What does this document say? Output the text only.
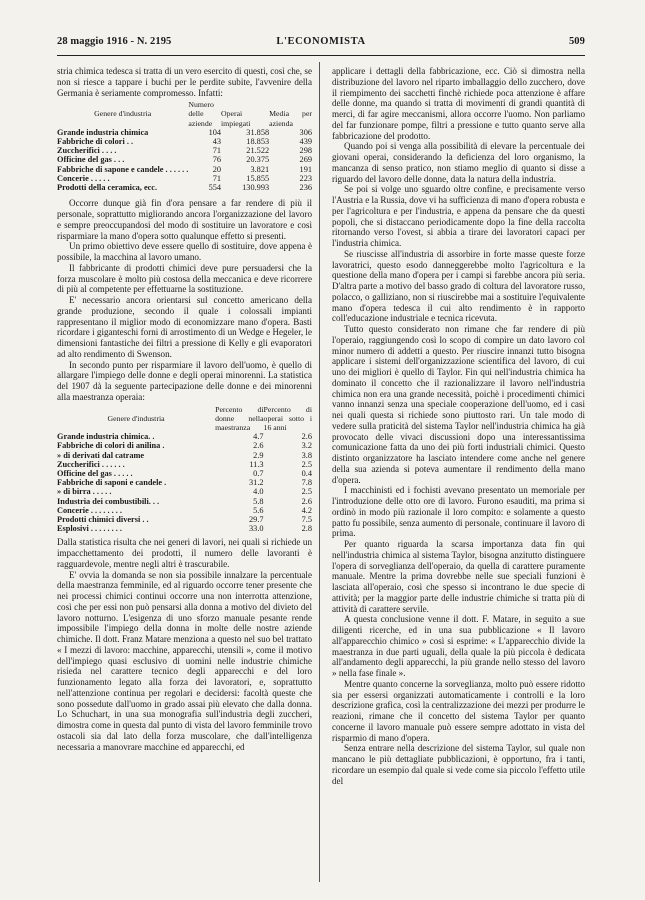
28 maggio 1916 - N. 2195	L'ECONOMISTA	509

stria chimica tedesca si tratta di un vero esercito di questi, così che, se non si riesce a tappare i buchi per le perdite subite, l'avvenire della Germania è seriamente compromesso. Infatti:

Genere d'industria	Numero delle aziende	Operai impiegati	Media per azienda
Grande industria chimica	104	31.858	306
Fabbriche di colori . .	43	18.853	439
Zuccherifici . . . .	71	21.522	298
Officine del gas . . .	76	20.375	269
Fabbriche di sapone e candele . . . . . .	20	3.821	191
Concerie . . . . .	71	15.855	223
Prodotti della ceramica, ecc.	554	130.993	236

Occorre dunque già fin d'ora pensare a far rendere di più il personale, soprattutto migliorando ancora l'organizzazione del lavoro e sempre preoccupandosi del modo di sostituire un lavoratore e così risparmiare la mano d'opera sotto qualunque effetto si presenti.

Un primo obiettivo deve essere quello di sostituire, dove appena è possibile, la macchina al lavoro umano.

Il fabbricante di prodotti chimici deve pure persuadersi che la forza muscolare è molto più costosa della meccanica e deve ricorrere di più al competente per effettuarne la sostituzione.

E' necessario ancora orientarsi sul concetto americano della grande produzione, secondo il quale i colossali impianti rappresentano il miglior modo di economizzare mano d'opera. Basti ricordare i giganteschi forni di arrostimento di un Wedge e Hegeler, le dimensioni fantastiche dei filtri a pressione di Kelly e gli evaporatori ad alto rendimento di Swenson.

In secondo punto per risparmiare il lavoro dell'uomo, è quello di allargare l'impiego delle donne e degli operai minorenni. La statistica del 1907 dà la seguente partecipazione delle donne e dei minorenni alla maestranza operaia:

Genere d'industria	Percento di donne nella maestranza	Percento di operai sotto i 16 anni
Grande industria chimica. .	4.7	2.6
Fabbriche di colori di anilina .	2.6	3.2
» di derivati dal catrame	2.9	3.8
Zuccherifici . . . . . .	11.3	2.5
Officine del gas . . . . .	0.7	0.4
Fabbriche di saponi e candele .	31.2	7.8
» di birra . . . . .	4.0	2.5
Industria dei combustibili. . .	5.8	2.6
Concerie . . . . . . . .	5.6	4.2
Prodotti chimici diversi . .	29.7	7.5
Esplosivi . . . . . . . .	33.0	2.8

Dalla statistica risulta che nei generi di lavori, nei quali si richiede un impacchettamento dei prodotti, il numero delle lavoranti è ragguardevole, mentre negli altri è trascurabile.

E' ovvia la domanda se non sia possibile innalzare la percentuale della maestranza femminile, ed al riguardo occorre tener presente che nei processi chimici continui occorre una non interrotta attenzione, così che per essi non può pensarsi alla donna a motivo del divieto del lavoro notturno. L'esigenza di uno sforzo manuale pesante rende impossibile l'impiego della donna in molte delle nostre aziende chimiche. Il dott. Franz Matare menziona a questo nel suo bel trattato « I mezzi di lavoro: macchine, apparecchi, utensili », come il motivo dell'impiego quasi esclusivo di uomini nelle industrie chimiche risieda nel carattere tecnico degli apparecchi e del loro funzionamento legato alla forza dei lavoratori, e, soprattutto nell'attenzione continua per regolari e decidersi: facoltà queste che sono possedute dall'uomo in grado assai più elevato che dalla donna. Lo Schuchart, in una sua monografia sull'industria degli zuccheri, dimostra come in questa dal punto di vista del lavoro femminile trovo ostacoli sia dal lato della forza muscolare, che dall'intelligenza necessaria a manovrare macchine ed apparecchi, ed

applicare i dettagli della fabbricazione, ecc. Ciò si dimostra nella distribuzione del lavoro nel riparto imballaggio dello zucchero, dove il riempimento dei sacchetti finchè richiede poca attenzione è affare delle donne, ma quando si tratta di movimenti di grandi quantità di merci, di far agire meccanismi, allora occorre l'uomo. Non parliamo del far funzionare pompe, filtri a pressione e tutto quanto serve alla fabbricazione del prodotto.

Quando poi si venga alla possibilità di elevare la percentuale dei giovani operai, considerando la deficienza del loro organismo, la mancanza di senso pratico, non stiamo meglio di quanto si disse a riguardo del lavoro delle donne, data la natura della industria.

Se poi si volge uno sguardo oltre confine, e precisamente verso l'Austria e la Russia, dove vi ha sufficienza di mano d'opera robusta e per l'agricoltura e per l'industria, e appena da pensare che da questi popoli, che si distaccano periodicamente dopo la fine della raccolta ritornando verso l'ovest, si abbia a tirare dei lavoratori capaci per l'industria chimica.

Se riuscisse all'industria di assorbire in forte masse queste forze lavoratrici, questo esodo danneggerebbe molto l'agricoltura e la questione della mano d'opera per i campi si farebbe ancora più seria. D'altra parte a motivo del basso grado di coltura del lavoratore russo, polacco, o galliziano, non si riuscirebbe mai a sostituire l'equivalente mano d'opera tedesca il cui alto rendimento è in rapporto coll'educazione industriale e tecnica ricevuta.

Tutto questo considerato non rimane che far rendere di più l'operaio, raggiungendo così lo scopo di compire un dato lavoro col minor numero di addetti a questo. Per riuscire innanzi tutto bisogna applicare i sistemi dell'organizzazione scientifica del lavoro, di cui uno dei migliori è quello di Taylor. Fin qui nell'industria chimica ha dominato il concetto che il razionalizzare il lavoro nell'industria chimica non era una grande necessità, poichè i procedimenti chimici vanno innanzi senza una speciale cooperazione dell'uomo, ed i casi nei quali questa si richiede sono piuttosto rari. Un tale modo di vedere sulla praticità del sistema Taylor nell'industria chimica ha già provocato delle vivaci discussioni dopo una interessantissima comunicazione fatta da uno dei più forti industriali chimici. Questo distinto organizzatore ha lasciato intendere come anche nel genere della sua azienda si poteva aumentare il rendimento della mano d'opera.

I macchinisti ed i fochisti avevano presentato un memoriale per l'introduzione delle otto ore di lavoro. Furono esauditi, ma prima si ordinò in modo più razionale il loro compito: e solamente a questo patto fu possibile, senza aumento di personale, continuare il lavoro di prima.

Per quanto riguarda la scarsa importanza data fin qui nell'industria chimica al sistema Taylor, bisogna anzitutto distinguere l'opera di sorveglianza dell'operaio, da quella di carattere puramente manuale. Mentre la prima dovrebbe nelle sue speciali funzioni è lasciata all'operaio, così che spesso si incontrano le due specie di attività; per la maggior parte delle industrie chimiche si tratta più di attività di carattere servile.

A questa conclusione venne il dott. F. Matare, in seguito a sue diligenti ricerche, ed in una sua pubblicazione « Il lavoro all'apparecchio chimico » così si esprime: « L'apparecchio divide la maestranza in due parti uguali, della quale la più piccola è dedicata all'andamento degli apparecchi, la più grande nello stesso del lavoro » nella fase finale ».

Mentre quanto concerne la sorveglianza, molto può essere ridotto sia per essersi organizzati automaticamente i controlli e la loro descrizione grafica, così la centralizzazione dei mezzi per produrre le reazioni, rimane che il concetto del sistema Taylor per quanto concerne il lavoro manuale può essere sempre adottato in vista del risparmio di mano d'opera.

Senza entrare nella descrizione del sistema Taylor, sul quale non mancano le più dettagliate pubblicazioni, è opportuno, fra i tanti, ricordare un esempio dal quale si vede come sia piccolo l'effetto utile del
